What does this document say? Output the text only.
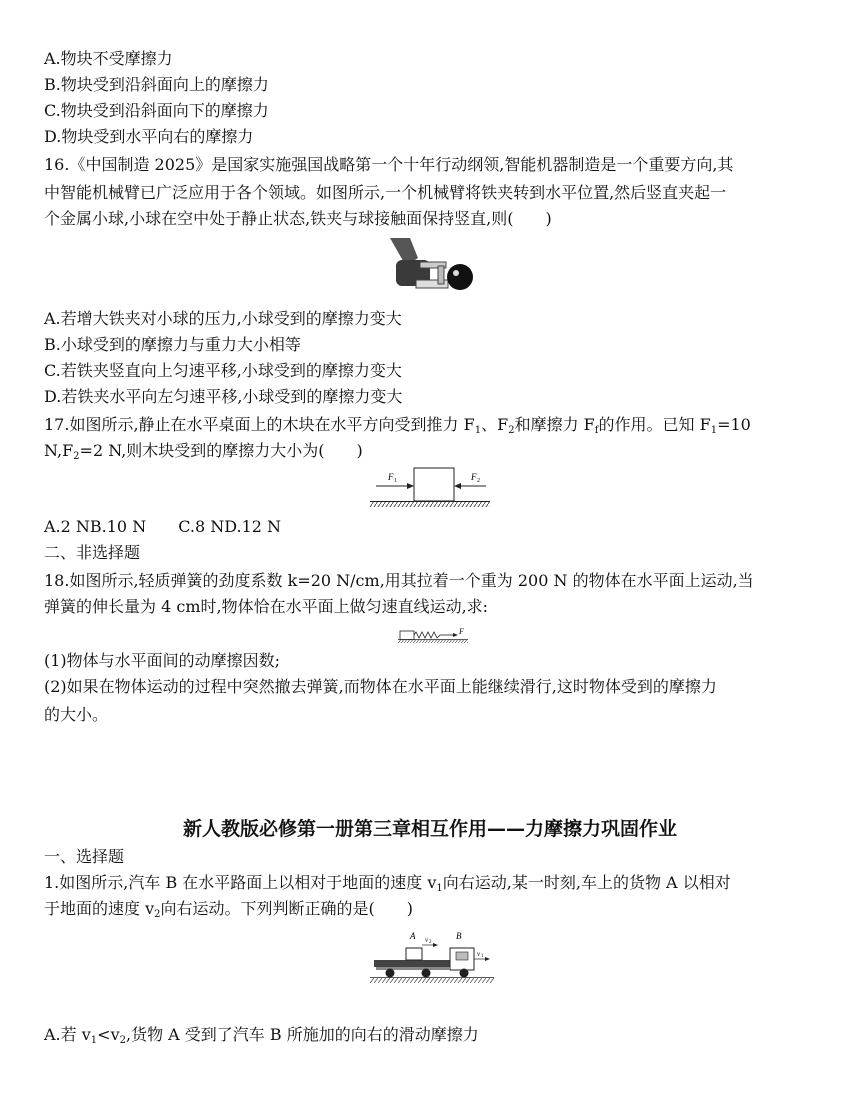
A.物块不受摩擦力
B.物块受到沿斜面向上的摩擦力
C.物块受到沿斜面向下的摩擦力
D.物块受到水平向右的摩擦力
16.《中国制造 2025》是国家实施强国战略第一个十年行动纲领,智能机器制造是一个重要方向,其
中智能机械臂已广泛应用于各个领域。如图所示,一个机械臂将铁夹转到水平位置,然后竖直夹起一
个金属小球,小球在空中处于静止状态,铁夹与球接触面保持竖直,则(　　)
A.若增大铁夹对小球的压力,小球受到的摩擦力变大
B.小球受到的摩擦力与重力大小相等
C.若铁夹竖直向上匀速平移,小球受到的摩擦力变大
D.若铁夹水平向左匀速平移,小球受到的摩擦力变大
17.如图所示,静止在水平桌面上的木块在水平方向受到推力 $F_1$、$F_2$和摩擦力 $F_f$的作用。已知 $F_1=10$
$N,F_2=2$ N,则木块受到的摩擦力大小为(　　)
F 1	F 2
A.2 NB.10 N　　C.8 ND.12 N
二、非选择题
18.如图所示,轻质弹簧的劲度系数 k=20 N/cm,用其拉着一个重为 200 N 的物体在水平面上运动,当
弹簧的伸长量为 4 cm时,物体恰在水平面上做匀速直线运动,求:
F
(1)物体与水平面间的动摩擦因数;
(2)如果在物体运动的过程中突然撤去弹簧,而物体在水平面上能继续滑行,这时物体受到的摩擦力
的大小。
新人教版必修第一册第三章相互作用——力摩擦力巩固作业
一、选择题
1.如图所示,汽车 B 在水平路面上以相对于地面的速度 $v_1$向右运动,某一时刻,车上的货物 A 以相对
于地面的速度 $v_2$向右运动。下列判断正确的是(　　)
A	B
v 2
v 1
A.若 $v_1<v_2$,货物 A 受到了汽车 B 所施加的向右的滑动摩擦力
